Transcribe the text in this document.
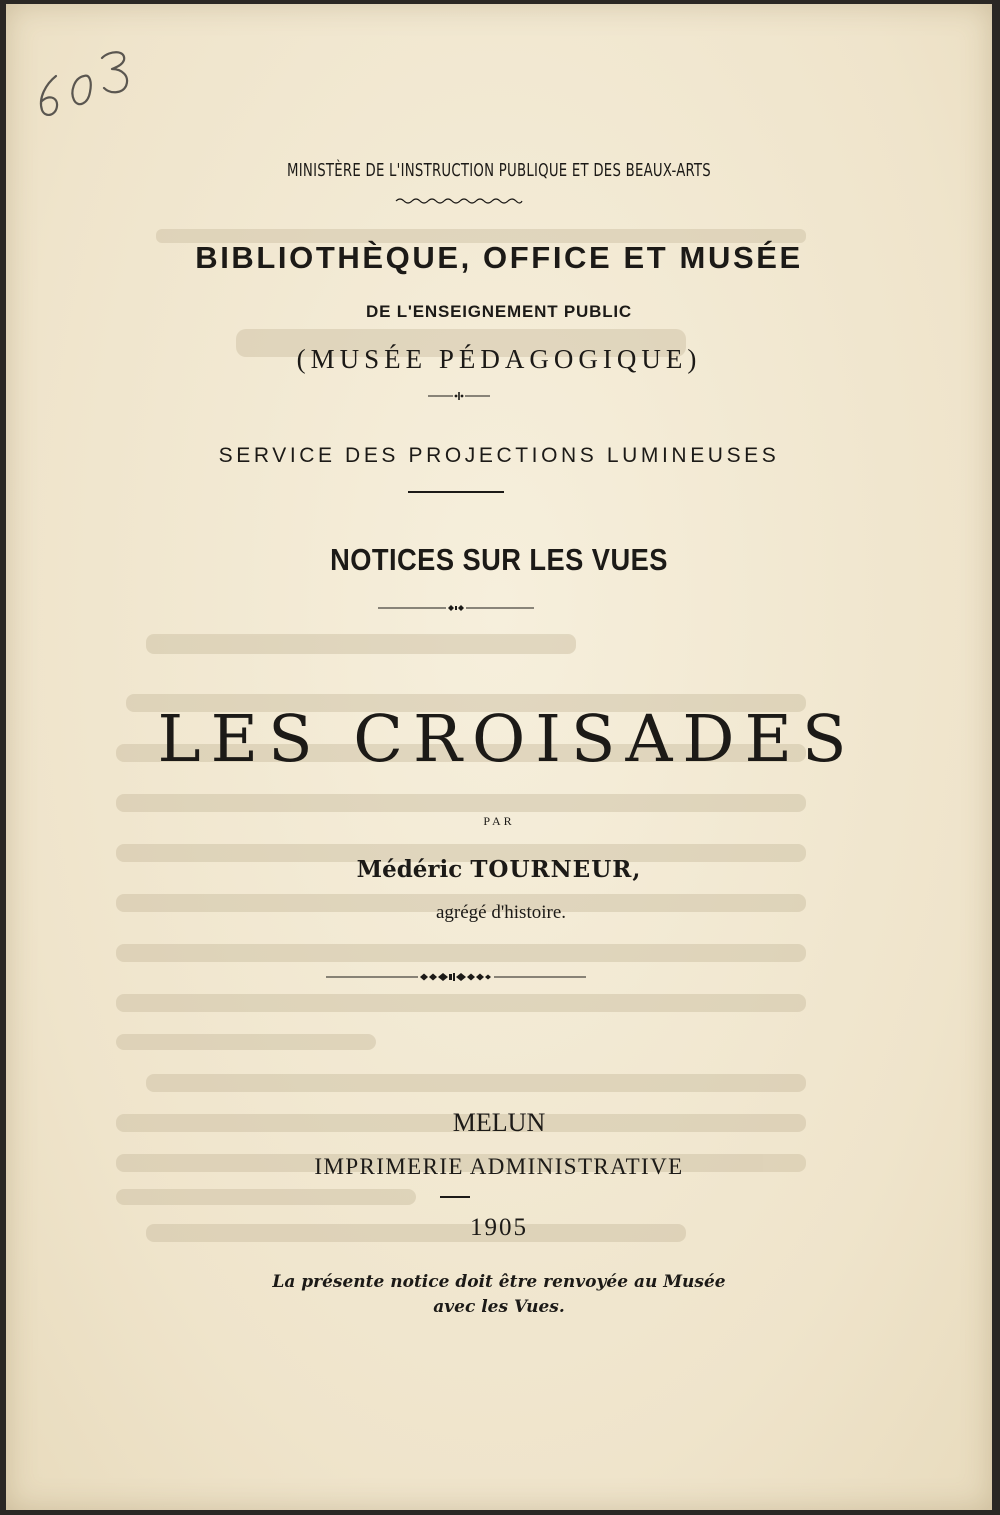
MINISTÈRE DE L'INSTRUCTION PUBLIQUE ET DES BEAUX-ARTS
BIBLIOTHÈQUE, OFFICE ET MUSÉE
DE L'ENSEIGNEMENT PUBLIC
(MUSÉE PÉDAGOGIQUE)
SERVICE DES PROJECTIONS LUMINEUSES
NOTICES SUR LES VUES
LES CROISADES
PAR
Médéric TOURNEUR,
agrégé d'histoire.
MELUN
IMPRIMERIE ADMINISTRATIVE
1905
La présente notice doit être renvoyée au Musée
avec les Vues.
